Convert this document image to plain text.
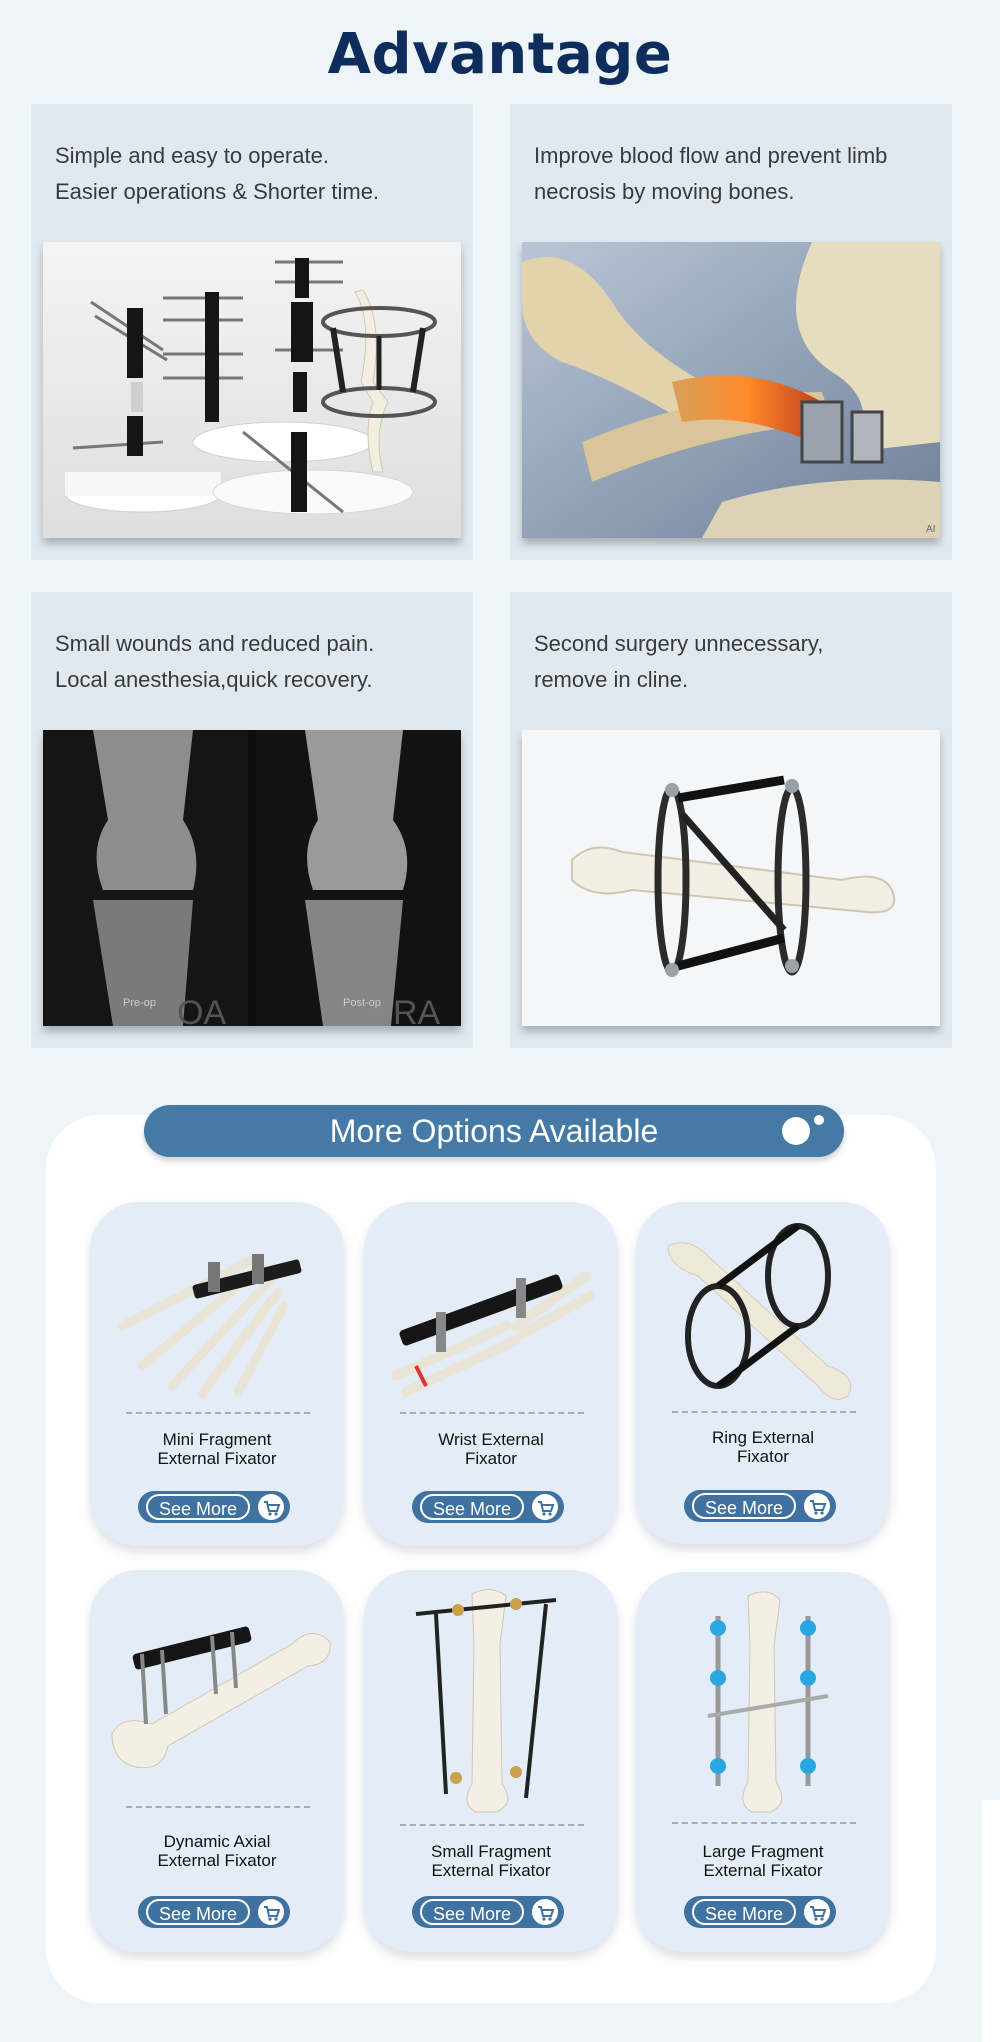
Advantage
Simple and easy to operate.
Easier operations & Shorter time.
Improve blood flow and prevent limb
necrosis by moving bones.
AI
Small wounds and reduced pain.
Local anesthesia,quick recovery.
Pre-op OA	Post-op RA
Second surgery unnecessary,
remove in cline.
More Options Available
Mini Fragment
External Fixator
See More
Wrist External
Fixator
See More
Ring External
Fixator
See More
Dynamic Axial
External Fixator
See More
Small Fragment
External Fixator
See More
Large Fragment
External Fixator
See More
